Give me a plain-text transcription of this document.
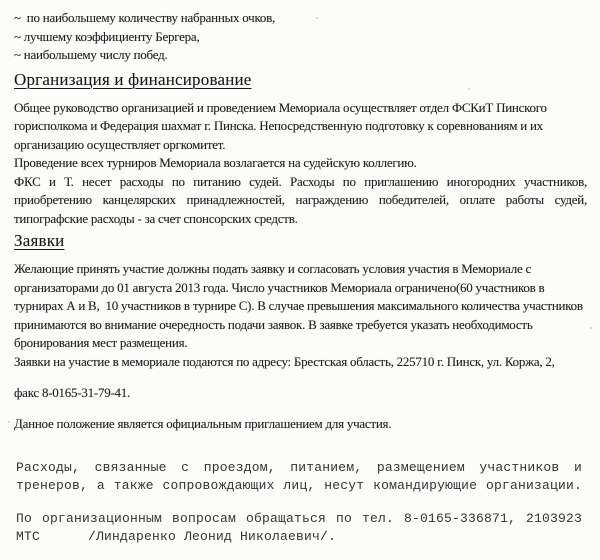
~  по наибольшему количеству набранных очков,
~ лучшему коэффициенту Бергера,
~ наибольшему числу побед.
Организация и финансирование
Общее руководство организацией и проведением Мемориала осуществляет отдел ФСКиТ Пинского
горисполкома и Федерация шахмат г. Пинска. Непосредственную подготовку к соревнованиям и их
организацию осуществляет оргкомитет.
Проведение всех турниров Мемориала возлагается на судейскую коллегию.
ФКС и Т. несет расходы по питанию судей. Расходы по приглашению иногородних участников,
приобретению канцелярских принадлежностей, награждению победителей, оплате работы судей,
типографские расходы - за счет спонсорских средств.
Заявки
Желающие принять участие должны подать заявку и согласовать условия участия в Мемориале с
организаторами до 01 августа 2013 года. Число участников Мемориала ограничено(60 участников в
турнирах А и В,  10 участников в турнире С). В случае превышения максимального количества участников
принимаются во внимание очередность подачи заявок. В заявке требуется указать необходимость
бронирования мест размещения.
Заявки на участие в мемориале подаются по адресу: Брестская область, 225710 г. Пинск, ул. Коржа, 2,
факс 8-0165-31-79-41.
Данное положение является официальным приглашением для участия.
Расходы, связанные с проездом, питанием, размещением участников и
тренеров, а также сопровождающих лиц, несут командирующие организации.
По организационным вопросам обращаться по тел. 8-0165-336871, 2103923
МТС      /Линдаренко Леонид Николаевич/.
